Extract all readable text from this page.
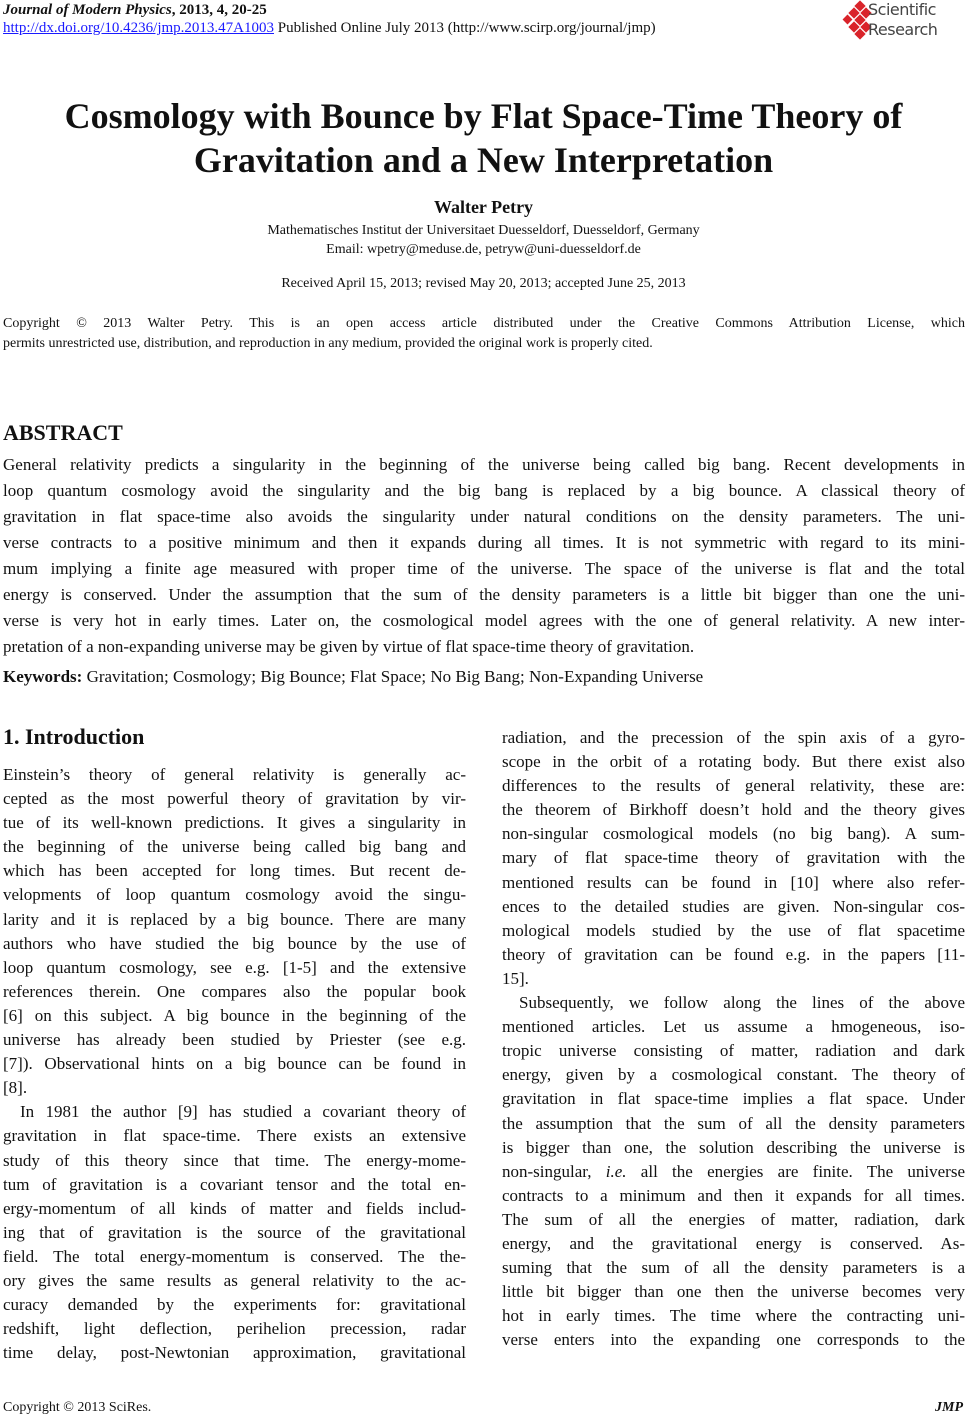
Journal of Modern Physics, 2013, 4, 20-25
http://dx.doi.org/10.4236/jmp.2013.47A1003 Published Online July 2013 (http://www.scirp.org/journal/jmp)
Scientific
Research
Cosmology with Bounce by Flat Space-Time Theory of
Gravitation and a New Interpretation
Walter Petry
Mathematisches Institut der Universitaet Duesseldorf, Duesseldorf, Germany
Email: wpetry@meduse.de, petryw@uni-duesseldorf.de
Received April 15, 2013; revised May 20, 2013; accepted June 25, 2013
Copyright © 2013 Walter Petry. This is an open access article distributed under the Creative Commons Attribution License, which
permits unrestricted use, distribution, and reproduction in any medium, provided the original work is properly cited.
ABSTRACT
General relativity predicts a singularity in the beginning of the universe being called big bang. Recent developments in
loop quantum cosmology avoid the singularity and the big bang is replaced by a big bounce. A classical theory of
gravitation in flat space-time also avoids the singularity under natural conditions on the density parameters. The uni-
verse contracts to a positive minimum and then it expands during all times. It is not symmetric with regard to its mini-
mum implying a finite age measured with proper time of the universe. The space of the universe is flat and the total
energy is conserved. Under the assumption that the sum of the density parameters is a little bit bigger than one the uni-
verse is very hot in early times. Later on, the cosmological model agrees with the one of general relativity. A new inter-
pretation of a non-expanding universe may be given by virtue of flat space-time theory of gravitation.
Keywords: Gravitation; Cosmology; Big Bounce; Flat Space; No Big Bang; Non-Expanding Universe
1. Introduction
Einstein’s theory of general relativity is generally ac-
cepted as the most powerful theory of gravitation by vir-
tue of its well-known predictions. It gives a singularity in
the beginning of the universe being called big bang and
which has been accepted for long times. But recent de-
velopments of loop quantum cosmology avoid the singu-
larity and it is replaced by a big bounce. There are many
authors who have studied the big bounce by the use of
loop quantum cosmology, see e.g. [1-5] and the extensive
references therein. One compares also the popular book
[6] on this subject. A big bounce in the beginning of the
universe has already been studied by Priester (see e.g.
[7]). Observational hints on a big bounce can be found in
[8].
In 1981 the author [9] has studied a covariant theory of
gravitation in flat space-time. There exists an extensive
study of this theory since that time. The energy-mome-
tum of gravitation is a covariant tensor and the total en-
ergy-momentum of all kinds of matter and fields includ-
ing that of gravitation is the source of the gravitational
field. The total energy-momentum is conserved. The the-
ory gives the same results as general relativity to the ac-
curacy demanded by the experiments for: gravitational
redshift, light deflection, perihelion precession, radar
time delay, post-Newtonian approximation, gravitational
radiation, and the precession of the spin axis of a gyro-
scope in the orbit of a rotating body. But there exist also
differences to the results of general relativity, these are:
the theorem of Birkhoff doesn’t hold and the theory gives
non-singular cosmological models (no big bang). A sum-
mary of flat space-time theory of gravitation with the
mentioned results can be found in [10] where also refer-
ences to the detailed studies are given. Non-singular cos-
mological models studied by the use of flat spacetime
theory of gravitation can be found e.g. in the papers [11-
15].
Subsequently, we follow along the lines of the above
mentioned articles. Let us assume a hmogeneous, iso-
tropic universe consisting of matter, radiation and dark
energy, given by a cosmological constant. The theory of
gravitation in flat space-time implies a flat space. Under
the assumption that the sum of all the density parameters
is bigger than one, the solution describing the universe is
non-singular, i.e. all the energies are finite. The universe
contracts to a minimum and then it expands for all times.
The sum of all the energies of matter, radiation, dark
energy, and the gravitational energy is conserved. As-
suming that the sum of all the density parameters is a
little bit bigger than one then the universe becomes very
hot in early times. The time where the contracting uni-
verse enters into the expanding one corresponds to the
Copyright © 2013 SciRes.	JMP
